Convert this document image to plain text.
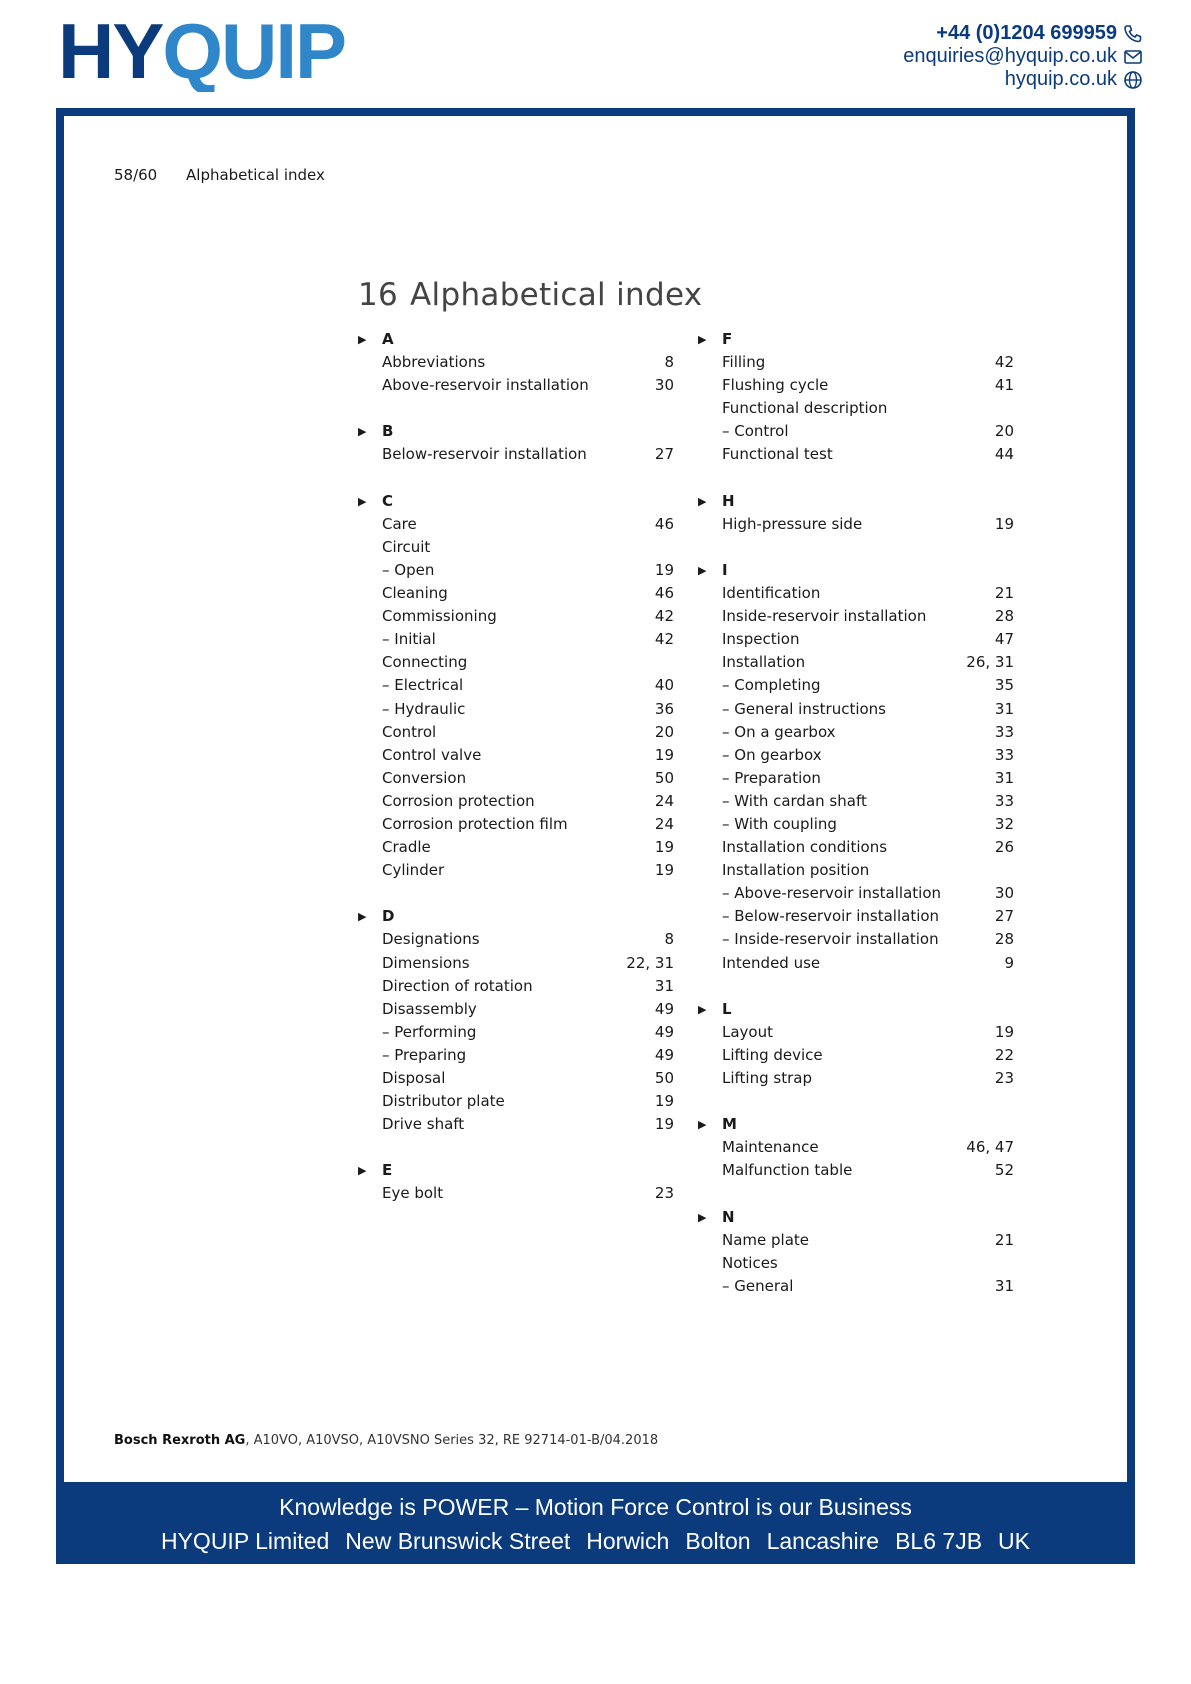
HYQUIP	+44 (0)1204 699959
enquiries@hyquip.co.uk
hyquip.co.uk
58/60 Alphabetical index
16 Alphabetical index
▶ A
Abbreviations	8
Above-reservoir installation	30
▶ B
Below-reservoir installation	27
▶ C
Care	46
Circuit
– Open	19
Cleaning	46
Commissioning	42
– Initial	42
Connecting
– Electrical	40
– Hydraulic	36
Control	20
Control valve	19
Conversion	50
Corrosion protection	24
Corrosion protection film	24
Cradle	19
Cylinder	19
▶ D
Designations	8
Dimensions	22, 31
Direction of rotation	31
Disassembly	49
– Performing	49
– Preparing	49
Disposal	50
Distributor plate	19
Drive shaft	19
▶ E
Eye bolt	23
▶ F
Filling	42
Flushing cycle	41
Functional description
– Control	20
Functional test	44
▶ H
High-pressure side	19
▶ I
Identification	21
Inside-reservoir installation	28
Inspection	47
Installation	26, 31
– Completing	35
– General instructions	31
– On a gearbox	33
– On gearbox	33
– Preparation	31
– With cardan shaft	33
– With coupling	32
Installation conditions	26
Installation position
– Above-reservoir installation	30
– Below-reservoir installation	27
– Inside-reservoir installation	28
Intended use	9
▶ L
Layout	19
Lifting device	22
Lifting strap	23
▶ M
Maintenance	46, 47
Malfunction table	52
▶ N
Name plate	21
Notices
– General	31
Bosch Rexroth AG, A10VO, A10VSO, A10VSNO Series 32, RE 92714-01-B/04.2018
Knowledge is POWER – Motion Force Control is our Business
HYQUIP Limited New Brunswick Street Horwich Bolton Lancashire BL6 7JB UK
